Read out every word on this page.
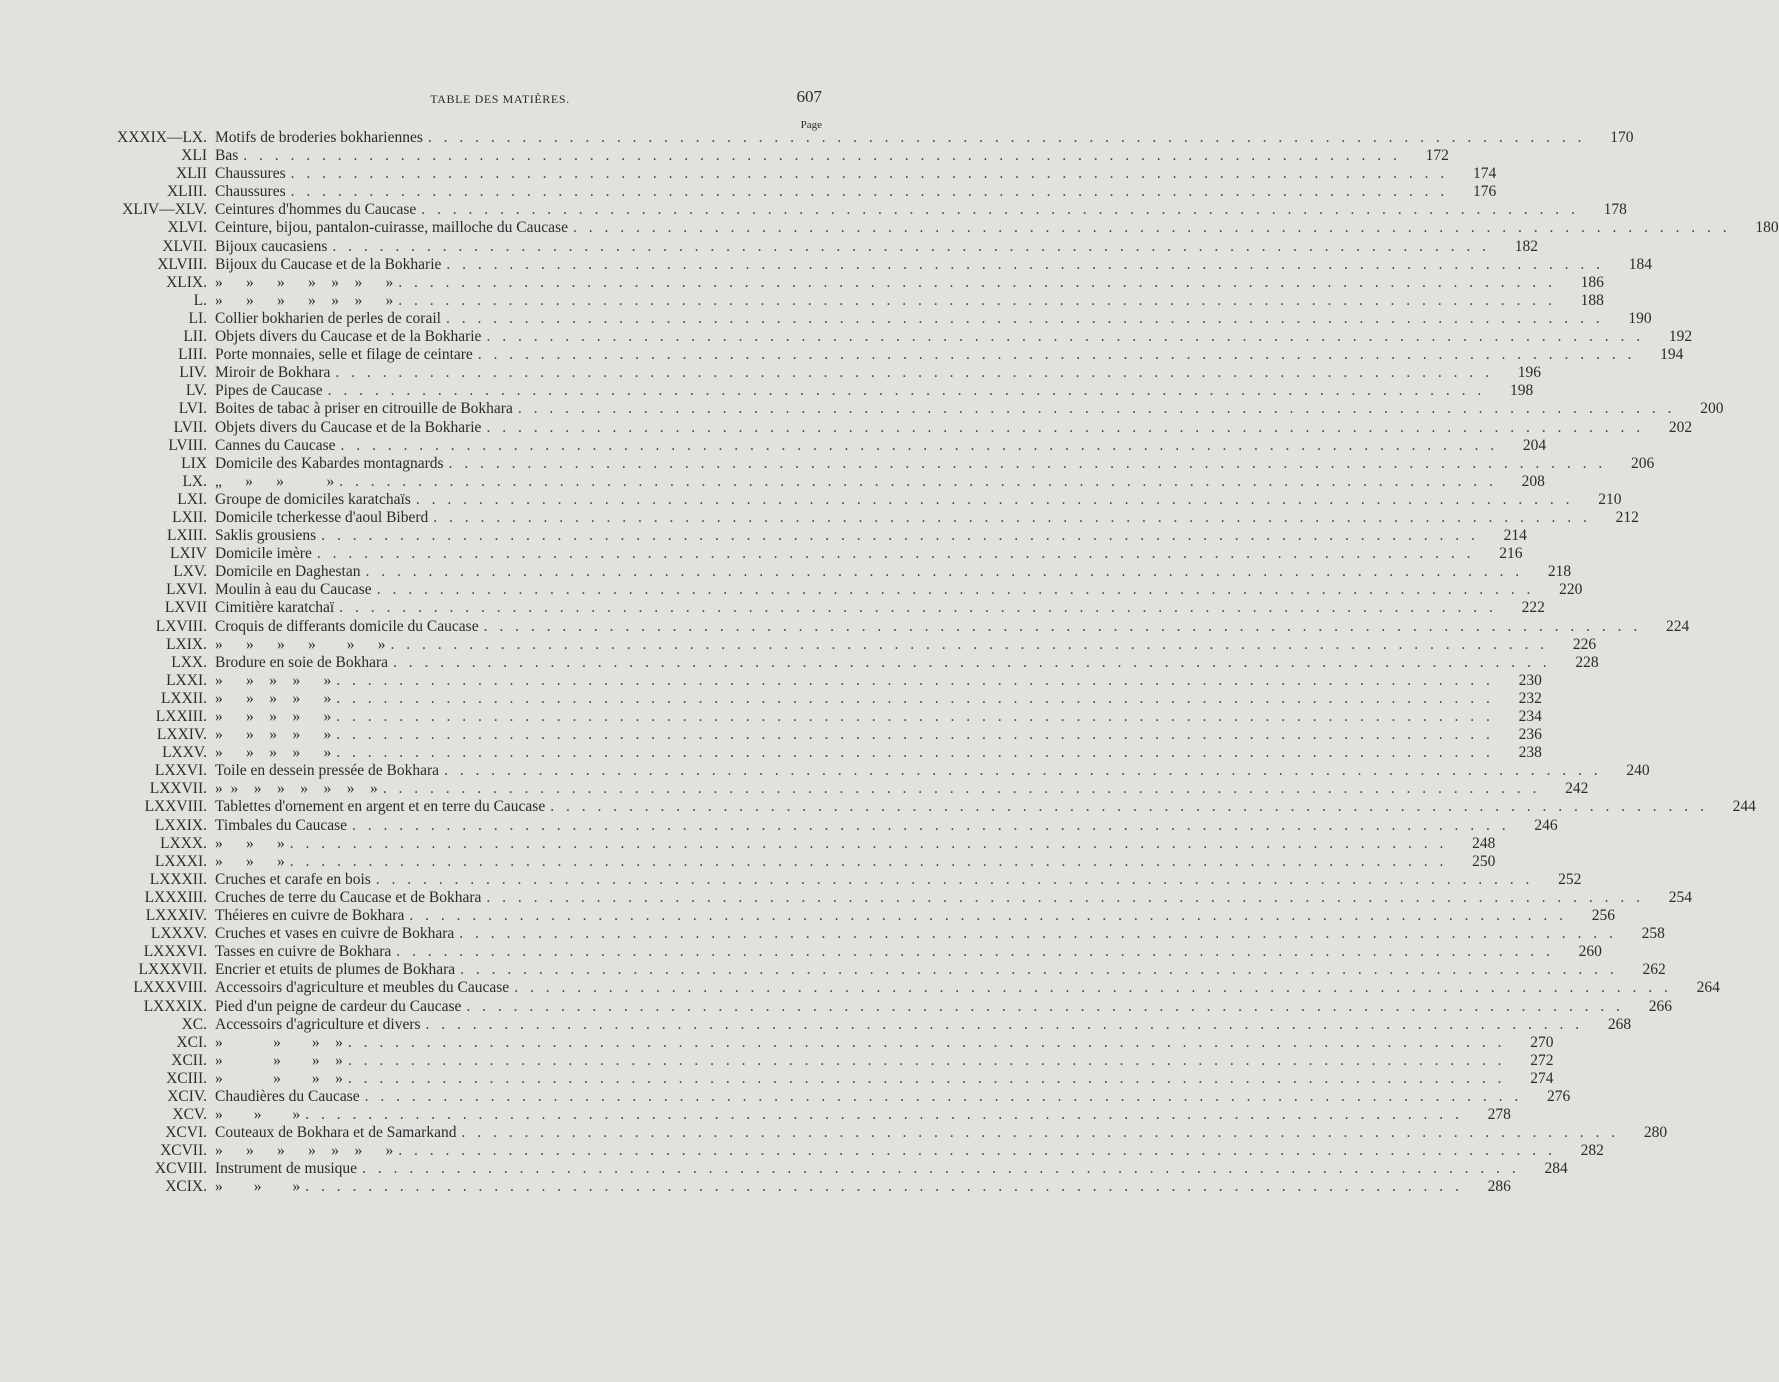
TABLE DES MATIÈRES.	607
Page
XXXIX—LX. Motifs de broderies bokhariennes . . . . . . . . . . . . . . . . . . . . . . . . . . . . . . . . . . . . . . . . . . . . . . . . . . . . . . . . . . . . . . . . . . . . . . . . . .	170
XLI Bas . . . . . . . . . . . . . . . . . . . . . . . . . . . . . . . . . . . . . . . . . . . . . . . . . . . . . . . . . . . . . . . . . . . . . . . . . .	172
XLII Chaussures . . . . . . . . . . . . . . . . . . . . . . . . . . . . . . . . . . . . . . . . . . . . . . . . . . . . . . . . . . . . . . . . . . . . . . . . . .	174
XLIII. Chaussures . . . . . . . . . . . . . . . . . . . . . . . . . . . . . . . . . . . . . . . . . . . . . . . . . . . . . . . . . . . . . . . . . . . . . . . . . .	176
XLIV—XLV. Ceintures d'hommes du Caucase . . . . . . . . . . . . . . . . . . . . . . . . . . . . . . . . . . . . . . . . . . . . . . . . . . . . . . . . . . . . . . . . . . . . . . . . . .	178
XLVI. Ceinture, bijou, pantalon-cuirasse, mailloche du Caucase . . . . . . . . . . . . . . . . . . . . . . . . . . . . . . . . . . . . . . . . . . . . . . . . . . . . . . . . . . . . . . . . . . . . . . . . . .	180
XLVII. Bijoux caucasiens . . . . . . . . . . . . . . . . . . . . . . . . . . . . . . . . . . . . . . . . . . . . . . . . . . . . . . . . . . . . . . . . . . . . . . . . . .	182
XLVIII. Bijoux du Caucase et de la Bokharie . . . . . . . . . . . . . . . . . . . . . . . . . . . . . . . . . . . . . . . . . . . . . . . . . . . . . . . . . . . . . . . . . . . . . . . . . .	184
XLIX. »      »      »      »    »    »      » . . . . . . . . . . . . . . . . . . . . . . . . . . . . . . . . . . . . . . . . . . . . . . . . . . . . . . . . . . . . . . . . . . . . . . . . . .	186
L. »      »      »      »    »    »      » . . . . . . . . . . . . . . . . . . . . . . . . . . . . . . . . . . . . . . . . . . . . . . . . . . . . . . . . . . . . . . . . . . . . . . . . . .	188
LI. Collier bokharien de perles de corail . . . . . . . . . . . . . . . . . . . . . . . . . . . . . . . . . . . . . . . . . . . . . . . . . . . . . . . . . . . . . . . . . . . . . . . . . .	190
LII. Objets divers du Caucase et de la Bokharie . . . . . . . . . . . . . . . . . . . . . . . . . . . . . . . . . . . . . . . . . . . . . . . . . . . . . . . . . . . . . . . . . . . . . . . . . .	192
LIII. Porte monnaies, selle et filage de ceintare . . . . . . . . . . . . . . . . . . . . . . . . . . . . . . . . . . . . . . . . . . . . . . . . . . . . . . . . . . . . . . . . . . . . . . . . . .	194
LIV. Miroir de Bokhara . . . . . . . . . . . . . . . . . . . . . . . . . . . . . . . . . . . . . . . . . . . . . . . . . . . . . . . . . . . . . . . . . . . . . . . . . .	196
LV. Pipes de Caucase . . . . . . . . . . . . . . . . . . . . . . . . . . . . . . . . . . . . . . . . . . . . . . . . . . . . . . . . . . . . . . . . . . . . . . . . . .	198
LVI. Boites de tabac à priser en citrouille de Bokhara . . . . . . . . . . . . . . . . . . . . . . . . . . . . . . . . . . . . . . . . . . . . . . . . . . . . . . . . . . . . . . . . . . . . . . . . . .	200
LVII. Objets divers du Caucase et de la Bokharie . . . . . . . . . . . . . . . . . . . . . . . . . . . . . . . . . . . . . . . . . . . . . . . . . . . . . . . . . . . . . . . . . . . . . . . . . .	202
LVIII. Cannes du Caucase . . . . . . . . . . . . . . . . . . . . . . . . . . . . . . . . . . . . . . . . . . . . . . . . . . . . . . . . . . . . . . . . . . . . . . . . . .	204
LIX Domicile des Kabardes montagnards . . . . . . . . . . . . . . . . . . . . . . . . . . . . . . . . . . . . . . . . . . . . . . . . . . . . . . . . . . . . . . . . . . . . . . . . . .	206
LX. „      »      »           » . . . . . . . . . . . . . . . . . . . . . . . . . . . . . . . . . . . . . . . . . . . . . . . . . . . . . . . . . . . . . . . . . . . . . . . . . .	208
LXI. Groupe de domiciles karatchaïs . . . . . . . . . . . . . . . . . . . . . . . . . . . . . . . . . . . . . . . . . . . . . . . . . . . . . . . . . . . . . . . . . . . . . . . . . .	210
LXII. Domicile tcherkesse d'aoul Biberd . . . . . . . . . . . . . . . . . . . . . . . . . . . . . . . . . . . . . . . . . . . . . . . . . . . . . . . . . . . . . . . . . . . . . . . . . .	212
LXIII. Saklis grousiens . . . . . . . . . . . . . . . . . . . . . . . . . . . . . . . . . . . . . . . . . . . . . . . . . . . . . . . . . . . . . . . . . . . . . . . . . .	214
LXIV Domicile imère . . . . . . . . . . . . . . . . . . . . . . . . . . . . . . . . . . . . . . . . . . . . . . . . . . . . . . . . . . . . . . . . . . . . . . . . . .	216
LXV. Domicile en Daghestan . . . . . . . . . . . . . . . . . . . . . . . . . . . . . . . . . . . . . . . . . . . . . . . . . . . . . . . . . . . . . . . . . . . . . . . . . .	218
LXVI. Moulin à eau du Caucase . . . . . . . . . . . . . . . . . . . . . . . . . . . . . . . . . . . . . . . . . . . . . . . . . . . . . . . . . . . . . . . . . . . . . . . . . .	220
LXVII Cimitière karatchaï . . . . . . . . . . . . . . . . . . . . . . . . . . . . . . . . . . . . . . . . . . . . . . . . . . . . . . . . . . . . . . . . . . . . . . . . . .	222
LXVIII. Croquis de differants domicile du Caucase . . . . . . . . . . . . . . . . . . . . . . . . . . . . . . . . . . . . . . . . . . . . . . . . . . . . . . . . . . . . . . . . . . . . . . . . . .	224
LXIX. »      »      »      »        »      » . . . . . . . . . . . . . . . . . . . . . . . . . . . . . . . . . . . . . . . . . . . . . . . . . . . . . . . . . . . . . . . . . . . . . . . . . .	226
LXX. Brodure en soie de Bokhara . . . . . . . . . . . . . . . . . . . . . . . . . . . . . . . . . . . . . . . . . . . . . . . . . . . . . . . . . . . . . . . . . . . . . . . . . .	228
LXXI. »      »    »    »      » . . . . . . . . . . . . . . . . . . . . . . . . . . . . . . . . . . . . . . . . . . . . . . . . . . . . . . . . . . . . . . . . . . . . . . . . . .	230
LXXII. »      »    »    »      » . . . . . . . . . . . . . . . . . . . . . . . . . . . . . . . . . . . . . . . . . . . . . . . . . . . . . . . . . . . . . . . . . . . . . . . . . .	232
LXXIII. »      »    »    »      » . . . . . . . . . . . . . . . . . . . . . . . . . . . . . . . . . . . . . . . . . . . . . . . . . . . . . . . . . . . . . . . . . . . . . . . . . .	234
LXXIV. »      »    »    »      » . . . . . . . . . . . . . . . . . . . . . . . . . . . . . . . . . . . . . . . . . . . . . . . . . . . . . . . . . . . . . . . . . . . . . . . . . .	236
LXXV. »      »    »    »      » . . . . . . . . . . . . . . . . . . . . . . . . . . . . . . . . . . . . . . . . . . . . . . . . . . . . . . . . . . . . . . . . . . . . . . . . . .	238
LXXVI. Toile en dessein pressée de Bokhara . . . . . . . . . . . . . . . . . . . . . . . . . . . . . . . . . . . . . . . . . . . . . . . . . . . . . . . . . . . . . . . . . . . . . . . . . .	240
LXXVII. »  »    »    »    »    »    »    » . . . . . . . . . . . . . . . . . . . . . . . . . . . . . . . . . . . . . . . . . . . . . . . . . . . . . . . . . . . . . . . . . . . . . . . . . .	242
LXXVIII. Tablettes d'ornement en argent et en terre du Caucase . . . . . . . . . . . . . . . . . . . . . . . . . . . . . . . . . . . . . . . . . . . . . . . . . . . . . . . . . . . . . . . . . . . . . . . . . .	244
LXXIX. Timbales du Caucase . . . . . . . . . . . . . . . . . . . . . . . . . . . . . . . . . . . . . . . . . . . . . . . . . . . . . . . . . . . . . . . . . . . . . . . . . .	246
LXXX. »      »      » . . . . . . . . . . . . . . . . . . . . . . . . . . . . . . . . . . . . . . . . . . . . . . . . . . . . . . . . . . . . . . . . . . . . . . . . . .	248
LXXXI. »      »      » . . . . . . . . . . . . . . . . . . . . . . . . . . . . . . . . . . . . . . . . . . . . . . . . . . . . . . . . . . . . . . . . . . . . . . . . . .	250
LXXXII. Cruches et carafe en bois . . . . . . . . . . . . . . . . . . . . . . . . . . . . . . . . . . . . . . . . . . . . . . . . . . . . . . . . . . . . . . . . . . . . . . . . . .	252
LXXXIII. Cruches de terre du Caucase et de Bokhara . . . . . . . . . . . . . . . . . . . . . . . . . . . . . . . . . . . . . . . . . . . . . . . . . . . . . . . . . . . . . . . . . . . . . . . . . .	254
LXXXIV. Théieres en cuivre de Bokhara . . . . . . . . . . . . . . . . . . . . . . . . . . . . . . . . . . . . . . . . . . . . . . . . . . . . . . . . . . . . . . . . . . . . . . . . . .	256
LXXXV. Cruches et vases en cuivre de Bokhara . . . . . . . . . . . . . . . . . . . . . . . . . . . . . . . . . . . . . . . . . . . . . . . . . . . . . . . . . . . . . . . . . . . . . . . . . .	258
LXXXVI. Tasses en cuivre de Bokhara . . . . . . . . . . . . . . . . . . . . . . . . . . . . . . . . . . . . . . . . . . . . . . . . . . . . . . . . . . . . . . . . . . . . . . . . . .	260
LXXXVII. Encrier et etuits de plumes de Bokhara . . . . . . . . . . . . . . . . . . . . . . . . . . . . . . . . . . . . . . . . . . . . . . . . . . . . . . . . . . . . . . . . . . . . . . . . . .	262
LXXXVIII. Accessoirs d'agriculture et meubles du Caucase . . . . . . . . . . . . . . . . . . . . . . . . . . . . . . . . . . . . . . . . . . . . . . . . . . . . . . . . . . . . . . . . . . . . . . . . . .	264
LXXXIX. Pied d'un peigne de cardeur du Caucase . . . . . . . . . . . . . . . . . . . . . . . . . . . . . . . . . . . . . . . . . . . . . . . . . . . . . . . . . . . . . . . . . . . . . . . . . .	266
XC. Accessoirs d'agriculture et divers . . . . . . . . . . . . . . . . . . . . . . . . . . . . . . . . . . . . . . . . . . . . . . . . . . . . . . . . . . . . . . . . . . . . . . . . . .	268
XCI. »             »        »    » . . . . . . . . . . . . . . . . . . . . . . . . . . . . . . . . . . . . . . . . . . . . . . . . . . . . . . . . . . . . . . . . . . . . . . . . . .	270
XCII. »             »        »    » . . . . . . . . . . . . . . . . . . . . . . . . . . . . . . . . . . . . . . . . . . . . . . . . . . . . . . . . . . . . . . . . . . . . . . . . . .	272
XCIII. »             »        »    » . . . . . . . . . . . . . . . . . . . . . . . . . . . . . . . . . . . . . . . . . . . . . . . . . . . . . . . . . . . . . . . . . . . . . . . . . .	274
XCIV. Chaudières du Caucase . . . . . . . . . . . . . . . . . . . . . . . . . . . . . . . . . . . . . . . . . . . . . . . . . . . . . . . . . . . . . . . . . . . . . . . . . .	276
XCV. »        »        » . . . . . . . . . . . . . . . . . . . . . . . . . . . . . . . . . . . . . . . . . . . . . . . . . . . . . . . . . . . . . . . . . . . . . . . . . .	278
XCVI. Couteaux de Bokhara et de Samarkand . . . . . . . . . . . . . . . . . . . . . . . . . . . . . . . . . . . . . . . . . . . . . . . . . . . . . . . . . . . . . . . . . . . . . . . . . .	280
XCVII. »      »      »      »    »    »      » . . . . . . . . . . . . . . . . . . . . . . . . . . . . . . . . . . . . . . . . . . . . . . . . . . . . . . . . . . . . . . . . . . . . . . . . . .	282
XCVIII. Instrument de musique . . . . . . . . . . . . . . . . . . . . . . . . . . . . . . . . . . . . . . . . . . . . . . . . . . . . . . . . . . . . . . . . . . . . . . . . . .	284
XCIX. »        »        » . . . . . . . . . . . . . . . . . . . . . . . . . . . . . . . . . . . . . . . . . . . . . . . . . . . . . . . . . . . . . . . . . . . . . . . . . .	286
